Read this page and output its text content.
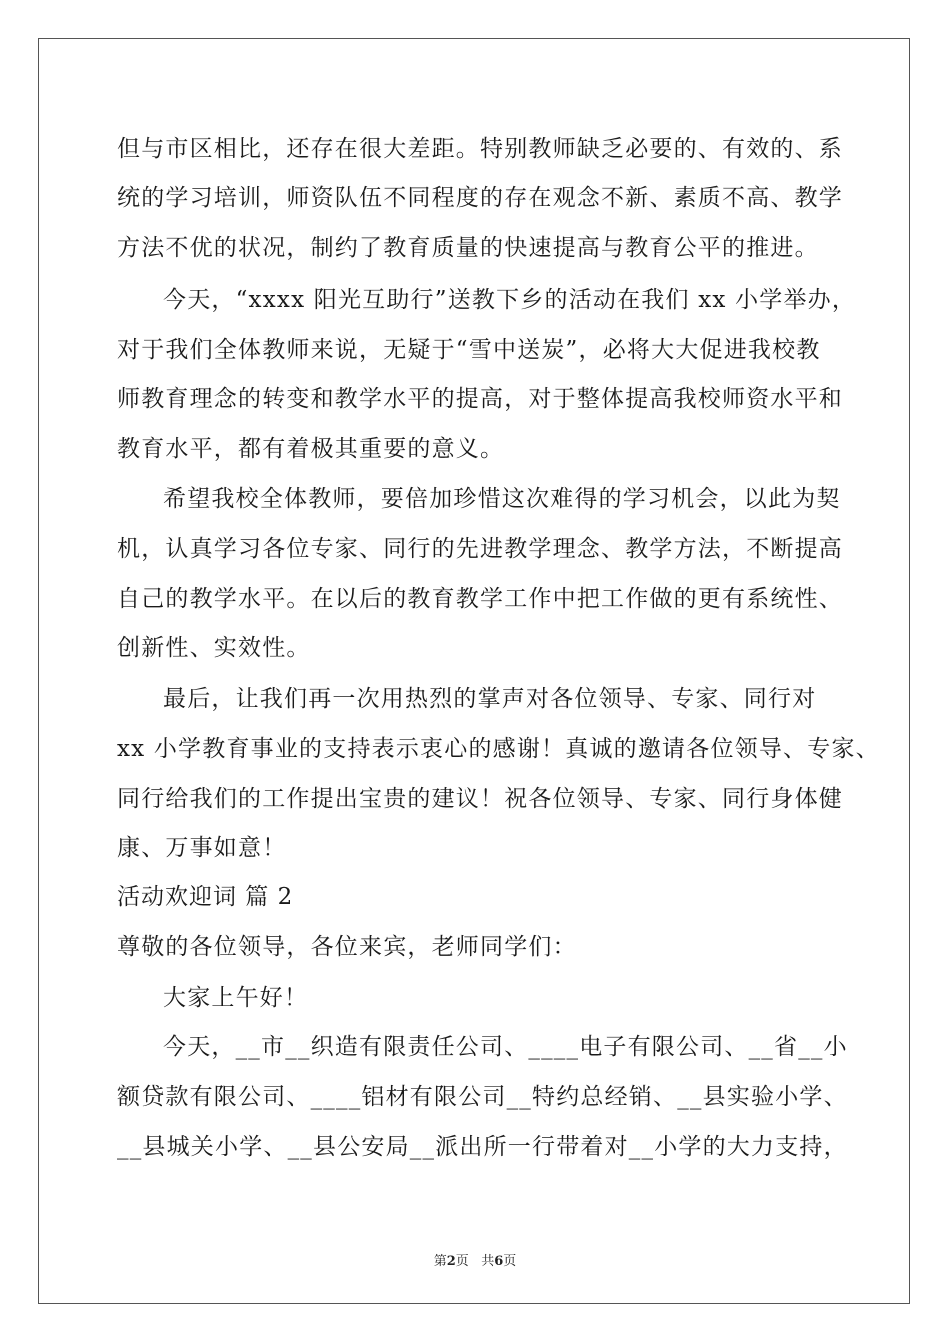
但与市区相比，还存在很大差距。特别教师缺乏必要的、有效的、系

统的学习培训，师资队伍不同程度的存在观念不新、素质不高、教学

方法不优的状况，制约了教育质量的快速提高与教育公平的推进。

今天，“xxxx 阳光互助行”送教下乡的活动在我们 xx 小学举办，

对于我们全体教师来说，无疑于“雪中送炭”，必将大大促进我校教

师教育理念的转变和教学水平的提高，对于整体提高我校师资水平和

教育水平，都有着极其重要的意义。

希望我校全体教师，要倍加珍惜这次难得的学习机会，以此为契

机，认真学习各位专家、同行的先进教学理念、教学方法，不断提高

自己的教学水平。在以后的教育教学工作中把工作做的更有系统性、

创新性、实效性。

最后，让我们再一次用热烈的掌声对各位领导、专家、同行对

xx 小学教育事业的支持表示衷心的感谢！真诚的邀请各位领导、专家、

同行给我们的工作提出宝贵的建议！祝各位领导、专家、同行身体健

康、万事如意！

活动欢迎词 篇 2

尊敬的各位领导，各位来宾，老师同学们：

大家上午好！

今天，__市__织造有限责任公司、____电子有限公司、__省__小

额贷款有限公司、____铝材有限公司__特约总经销、__县实验小学、

__县城关小学、__县公安局__派出所一行带着对__小学的大力支持，

第2页 共6页
